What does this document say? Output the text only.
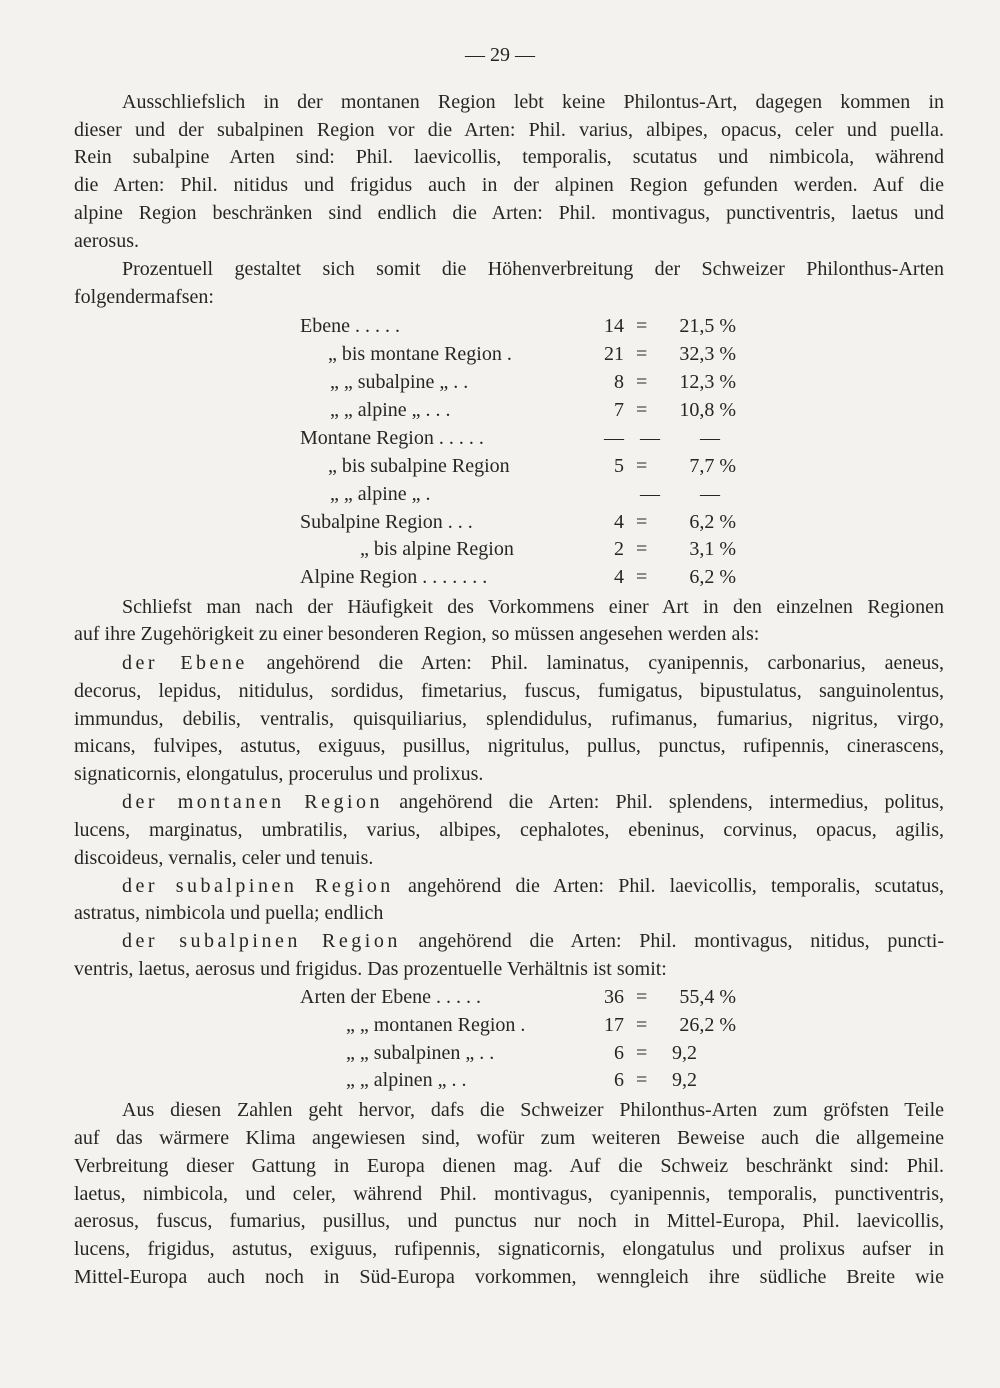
— 29 —
Ausschliefslich in der montanen Region lebt keine Philontus-Art, dagegen kommen in
dieser und der subalpinen Region vor die Arten: Phil. varius, albipes, opacus, celer und puella.
Rein subalpine Arten sind: Phil. laevicollis, temporalis, scutatus und nimbicola, während
die Arten: Phil. nitidus und frigidus auch in der alpinen Region gefunden werden. Auf die
alpine Region beschränken sind endlich die Arten: Phil. montivagus, punctiventris, laetus und
aerosus.
Prozentuell gestaltet sich somit die Höhenverbreitung der Schweizer Philonthus-Arten
folgendermafsen:
Ebene . . . . .	14 =	21,5 %
„ bis montane Region .	21 =	32,3 %
„ „ subalpine „ . .	8 =	12,3 %
„ „ alpine „ . . .	7 =	10,8 %
Montane Region . . . . .	— —	—
„ bis subalpine Region	5 =	7,7 %
„ „ alpine „ .	—	—
Subalpine Region . . .	4 =	6,2 %
„ bis alpine Region	2 =	3,1 %
Alpine Region . . . . . . .	4 =	6,2 %
Schliefst man nach der Häufigkeit des Vorkommens einer Art in den einzelnen Regionen
auf ihre Zugehörigkeit zu einer besonderen Region, so müssen angesehen werden als:
der Ebene angehörend die Arten: Phil. laminatus, cyanipennis, carbonarius, aeneus,
decorus, lepidus, nitidulus, sordidus, fimetarius, fuscus, fumigatus, bipustulatus, sanguinolentus,
immundus, debilis, ventralis, quisquiliarius, splendidulus, rufimanus, fumarius, nigritus, virgo,
micans, fulvipes, astutus, exiguus, pusillus, nigritulus, pullus, punctus, rufipennis, cinerascens,
signaticornis, elongatulus, procerulus und prolixus.
der montanen Region angehörend die Arten: Phil. splendens, intermedius, politus,
lucens, marginatus, umbratilis, varius, albipes, cephalotes, ebeninus, corvinus, opacus, agilis,
discoideus, vernalis, celer und tenuis.
der subalpinen Region angehörend die Arten: Phil. laevicollis, temporalis, scutatus,
astratus, nimbicola und puella; endlich
der subalpinen Region angehörend die Arten: Phil. montivagus, nitidus, puncti-
ventris, laetus, aerosus und frigidus. Das prozentuelle Verhältnis ist somit:
Arten der Ebene . . . . .	36 =	55,4 %
„ „ montanen Region .	17 =	26,2 %
„ „ subalpinen „ . .	6 = 9,2
„ „ alpinen „ . .	6 = 9,2
Aus diesen Zahlen geht hervor, dafs die Schweizer Philonthus-Arten zum gröfsten Teile
auf das wärmere Klima angewiesen sind, wofür zum weiteren Beweise auch die allgemeine
Verbreitung dieser Gattung in Europa dienen mag. Auf die Schweiz beschränkt sind: Phil.
laetus, nimbicola, und celer, während Phil. montivagus, cyanipennis, temporalis, punctiventris,
aerosus, fuscus, fumarius, pusillus, und punctus nur noch in Mittel-Europa, Phil. laevicollis,
lucens, frigidus, astutus, exiguus, rufipennis, signaticornis, elongatulus und prolixus aufser in
Mittel-Europa auch noch in Süd-Europa vorkommen, wenngleich ihre südliche Breite wie
